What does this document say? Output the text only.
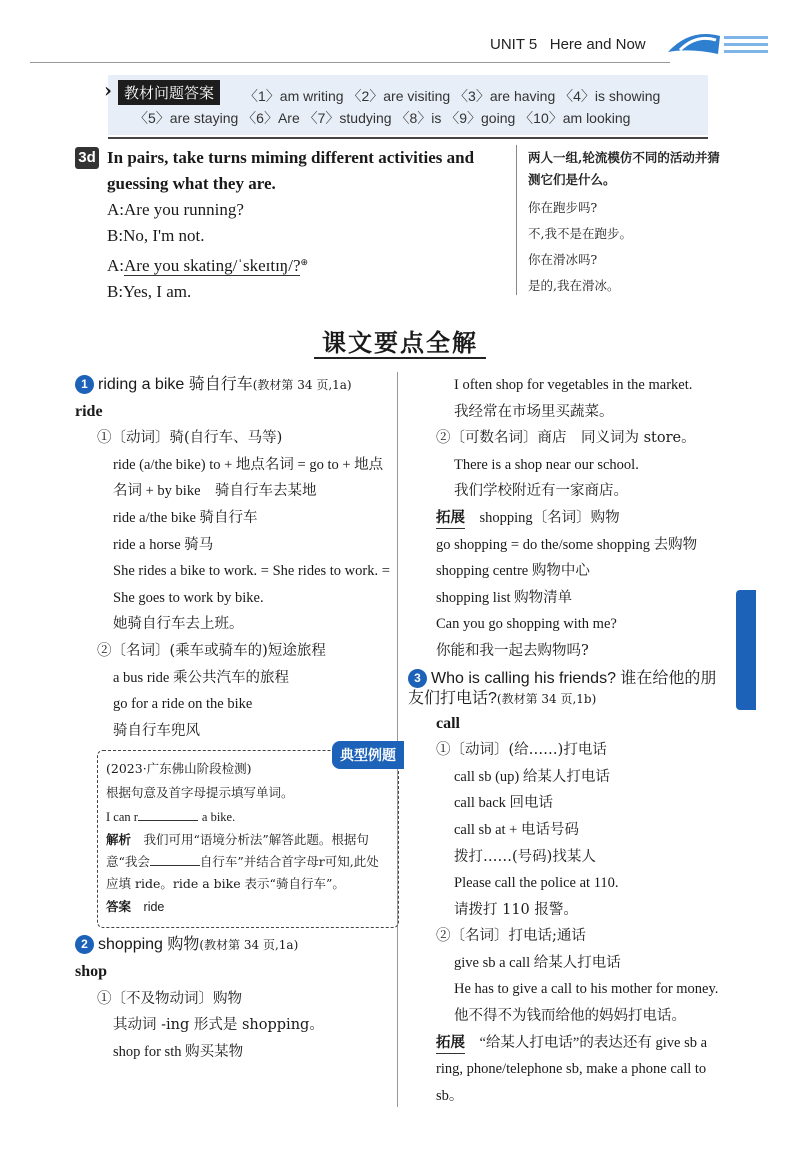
UNIT 5 Here and Now
› 教材问题答案	〈1〉am writing 〈2〉are visiting 〈3〉are having 〈4〉is showing
〈5〉are staying 〈6〉Are 〈7〉studying 〈8〉is 〈9〉going 〈10〉am looking
3d In pairs, take turns miming different activities and guessing what they are.
A:Are you running?
B:No, I'm not.
A:Are you skating/ˈskeɪtɪŋ/?⊕
B:Yes, I am.
两人一组,轮流模仿不同的活动并猜测它们是什么。
你在跑步吗?
不,我不是在跑步。
你在滑冰吗?
是的,我在滑冰。
课文要点全解
1 riding a bike 骑自行车(教材第 34 页,1a)
ride
①〔动词〕骑(自行车、马等)
ride (a/the bike) to + 地点名词 = go to + 地点名词 + by bike　骑自行车去某地
ride a/the bike 骑自行车
ride a horse 骑马
She rides a bike to work. = She rides to work. = She goes to work by bike.
她骑自行车去上班。
②〔名词〕(乘车或骑车的)短途旅程
a bus ride 乘公共汽车的旅程
go for a ride on the bike
骑自行车兜风
典型例题
(2023·广东佛山阶段检测)
根据句意及首字母提示填写单词。
I can r	a bike.
解析　 我们可用“语境分析法”解答此题。根据句意“我会	自行车”并结合首字母r可知,此处应填 ride。ride a bike 表示“骑自行车”。
答案　 ride
2 shopping 购物(教材第 34 页,1a)
shop
①〔不及物动词〕购物
其动词 -ing 形式是 shopping。
shop for sth 购买某物
I often shop for vegetables in the market.
我经常在市场里买蔬菜。
②〔可数名词〕商店　同义词为 store。
There is a shop near our school.
我们学校附近有一家商店。
拓展　 shopping〔名词〕购物
go shopping = do the/some shopping 去购物
shopping centre 购物中心
shopping list 购物清单
Can you go shopping with me?
你能和我一起去购物吗?
3 Who is calling his friends? 谁在给他的朋友们打电话?(教材第 34 页,1b)
call
①〔动词〕(给……)打电话
call sb (up) 给某人打电话
call back 回电话
call sb at + 电话号码
拨打……(号码)找某人
Please call the police at 110.
请拨打 110 报警。
②〔名词〕打电话;通话
give sb a call 给某人打电话
He has to give a call to his mother for money. 他不得不为钱而给他的妈妈打电话。
拓展　 “给某人打电话”的表达还有 give sb a ring, phone/telephone sb, make a phone call to sb。
